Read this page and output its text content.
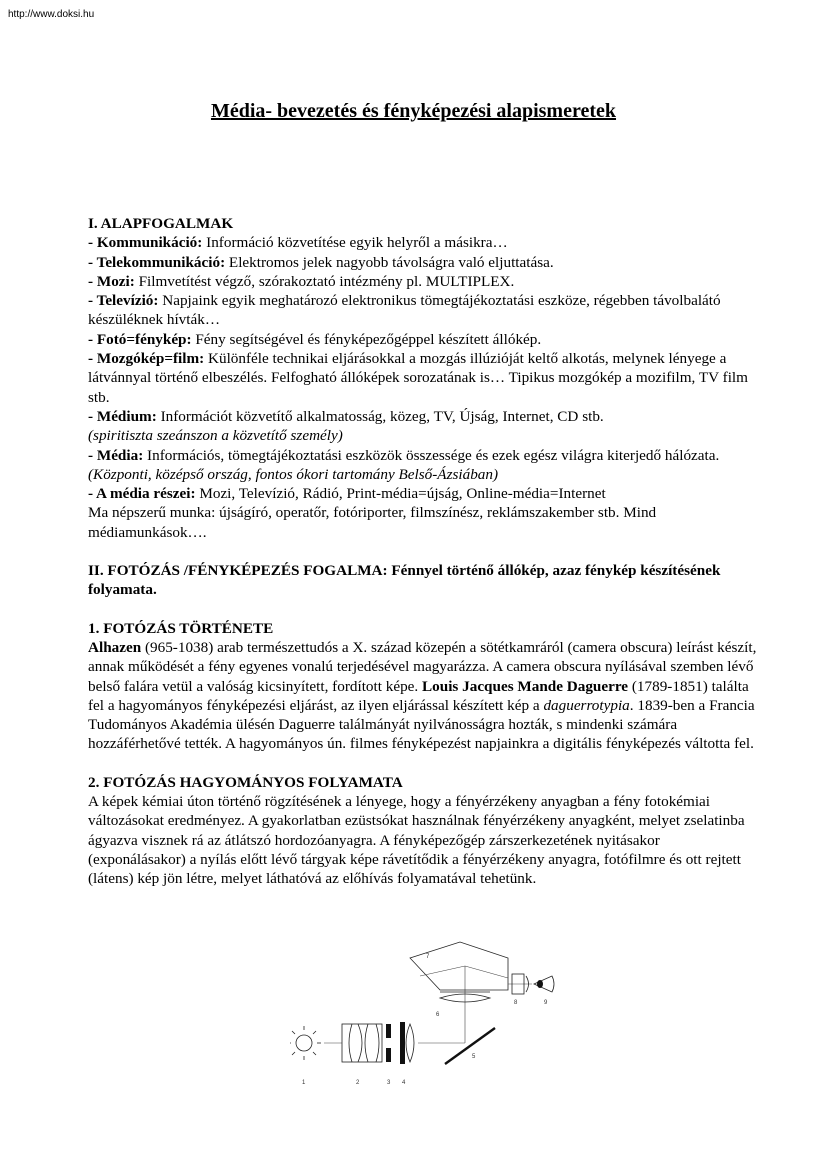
http://www.doksi.hu
Média- bevezetés és fényképezési alapismeretek

I. ALAPFOGALMAK

- Kommunikáció: Információ közvetítése egyik helyről a másikra…

- Telekommunikáció: Elektromos jelek nagyobb távolságra való eljuttatása.

- Mozi: Filmvetítést végző, szórakoztató intézmény pl. MULTIPLEX.

- Televízió: Napjaink egyik meghatározó elektronikus tömegtájékoztatási eszköze, régebben távolbalátó készüléknek hívták…

- Fotó=fénykép: Fény segítségével és fényképezőgéppel készített állókép.

- Mozgókép=film: Különféle technikai eljárásokkal a mozgás illúzióját keltő alkotás, melynek lényege a látvánnyal történő elbeszélés. Felfogható állóképek sorozatának is… Tipikus mozgókép a mozifilm, TV film stb.

- Médium: Információt közvetítő alkalmatosság, közeg, TV, Újság, Internet, CD stb.

(spiritiszta szeánszon a közvetítő személy)

- Média: Információs, tömegtájékoztatási eszközök összessége és ezek egész világra kiterjedő hálózata.

(Központi, középső ország, fontos ókori tartomány Belső-Ázsiában)

- A média részei: Mozi, Televízió, Rádió, Print-média=újság, Online-média=Internet

Ma népszerű munka: újságíró, operatőr, fotóriporter, filmszínész, reklámszakember stb. Mind médiamunkások….

II. FOTÓZÁS /FÉNYKÉPEZÉS FOGALMA: Fénnyel történő állókép, azaz fénykép készítésének folyamata.

1. FOTÓZÁS TÖRTÉNETE

Alhazen (965-1038) arab természettudós a X. század közepén a sötétkamráról (camera obscura) leírást készít, annak működését a fény egyenes vonalú terjedésével magyarázza. A camera obscura nyílásával szemben lévő belső falára vetül a valóság kicsinyített, fordított képe. Louis Jacques Mande Daguerre (1789-1851) találta fel a hagyományos fényképezési eljárást, az ilyen eljárással készített kép a daguerrotypia. 1839-ben a Francia Tudományos Akadémia ülésén Daguerre találmányát nyilvánosságra hozták, s mindenki számára hozzáférhetővé tették. A hagyományos ún. filmes fényképezést napjainkra a digitális fényképezés váltotta fel.

2. FOTÓZÁS HAGYOMÁNYOS FOLYAMATA

A képek kémiai úton történő rögzítésének a lényege, hogy a fényérzékeny anyagban a fény fotokémiai változásokat eredményez. A gyakorlatban ezüstsókat használnak fényérzékeny anyagként, melyet zselatinba ágyazva visznek rá az átlátszó hordozóanyagra. A fényképezőgép zárszerkezetének nyitásakor (exponálásakor) a nyílás előtt lévő tárgyak képe rávetítődik a fényérzékeny anyagra, fotófilmre és ott rejtett (látens) kép jön létre, melyet láthatóvá az előhívás folyamatával tehetünk.

1	2	3 4
5
6
7
8	9
